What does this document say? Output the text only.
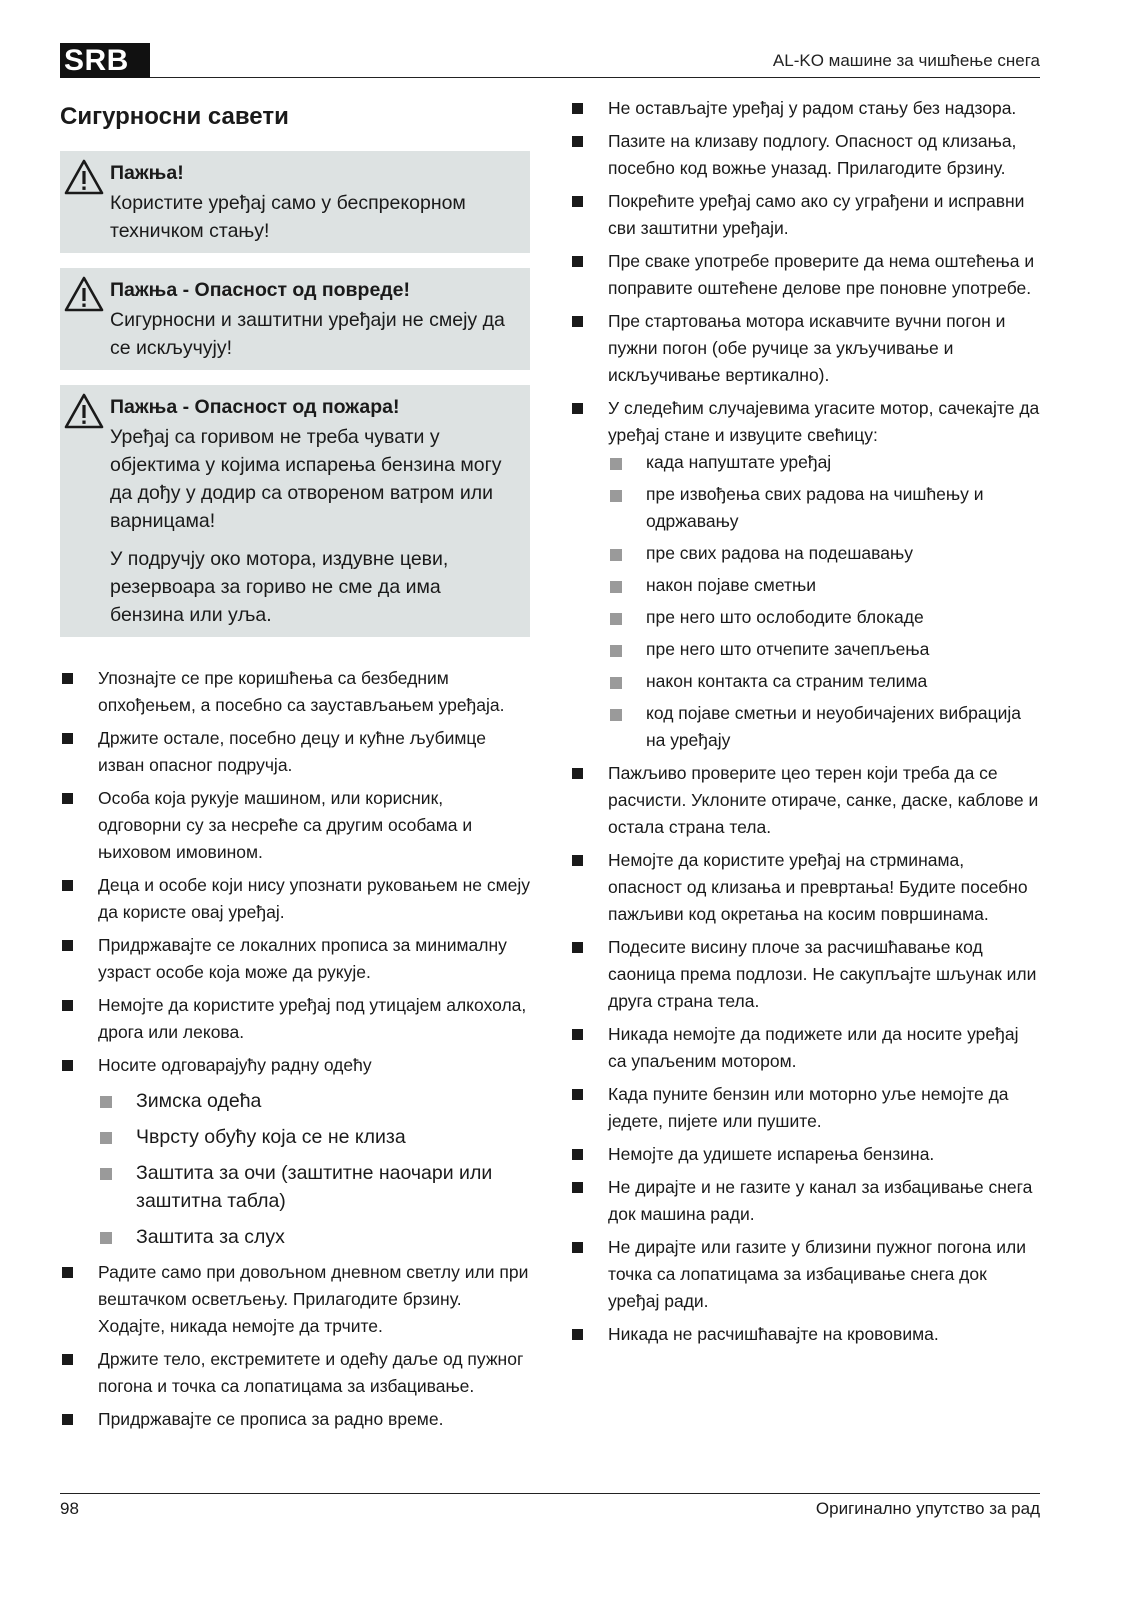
SRB	AL-KO машине за чишћење снега
Сигурносни савети
Пажња!
Користите уређај само у беспрекорном техничком стању!
Пажња - Опасност од повреде!
Сигурносни и заштитни уређаји не смеју да се искључују!
Пажња - Опасност од пожара!
Уређај са горивом не треба чувати у објектима у којима испарења бензина могу да дођу у додир са отвореном ватром или варницама!
У подручју око мотора, издувне цеви, резервоара за гориво не сме да има бензина или уља.
Упознајте се пре коришћења са безбедним опхођењем, а посебно са заустављањем уређаја.
Држите остале, посебно децу и кућне љубимце изван опасног подручја.
Особа која рукује машином, или корисник, одговорни су за несреће са другим особама и њиховом имовином.
Деца и особе који нису упознати руковањем не смеју да користе овај уређај.
Придржавајте се локалних прописа за минималну узраст особе која може да рукује.
Немојте да користите уређај под утицајем алкохола, дрога или лекова.
Носите одговарајућу радну одећу
Зимска одећа
Чврсту обућу која се не клиза
Заштита за очи (заштитне наочари или заштитна табла)
Заштита за слух
Радите само при довољном дневном светлу или при вештачком осветљењу. Прилагодите брзину. Ходајте, никада немојте да трчите.
Држите тело, екстремитете и одећу даље од пужног погона и точка са лопатицама за избацивање.
Придржавајте се прописа за радно време.
Не остављајте уређај у радом стању без надзора.
Пазите на клизаву подлогу. Опасност од клизања, посебно код вожње уназад. Прилагодите брзину.
Покрећите уређај само ако су уграђени и исправни сви заштитни уређаји.
Пре сваке употребе проверите да нема оштећења и поправите оштећене делове пре поновне употребе.
Пре стартовања мотора искавчите вучни погон и пужни погон (обе ручице за укључивање и искључивање вертикално).
У следећим случајевима угасите мотор, сачекајте да уређај стане и извуците свећицу:
када напуштате уређај
пре извођења свих радова на чишћењу и одржавању
пре свих радова на подешавању
након појаве сметњи
пре него што ослободите блокаде
пре него што отчепите зачепљења
након контакта са страним телима
код појаве сметњи и неуобичајених вибрација на уређају
Пажљиво проверите цео терен који треба да се расчисти. Уклоните отираче, санке, даске, каблове и остала страна тела.
Немојте да користите уређај на стрминама, опасност од клизања и превртања! Будите посебно пажљиви код окретања на косим површинама.
Подесите висину плоче за расчишћавање код саоница према подлози. Не сакупљајте шљунак или друга страна тела.
Никада немојте да подижете или да носите уређај са упаљеним мотором.
Када пуните бензин или моторно уље немојте да једете, пијете или пушите.
Немојте да удишете испарења бензина.
Не дирајте и не газите у канал за избацивање снега док машина ради.
Не дирајте или газите у близини пужног погона или точка са лопатицама за избацивање снега док уређај ради.
Никада не расчишћавајте на крововима.
98	Оригинално упутство за рад
